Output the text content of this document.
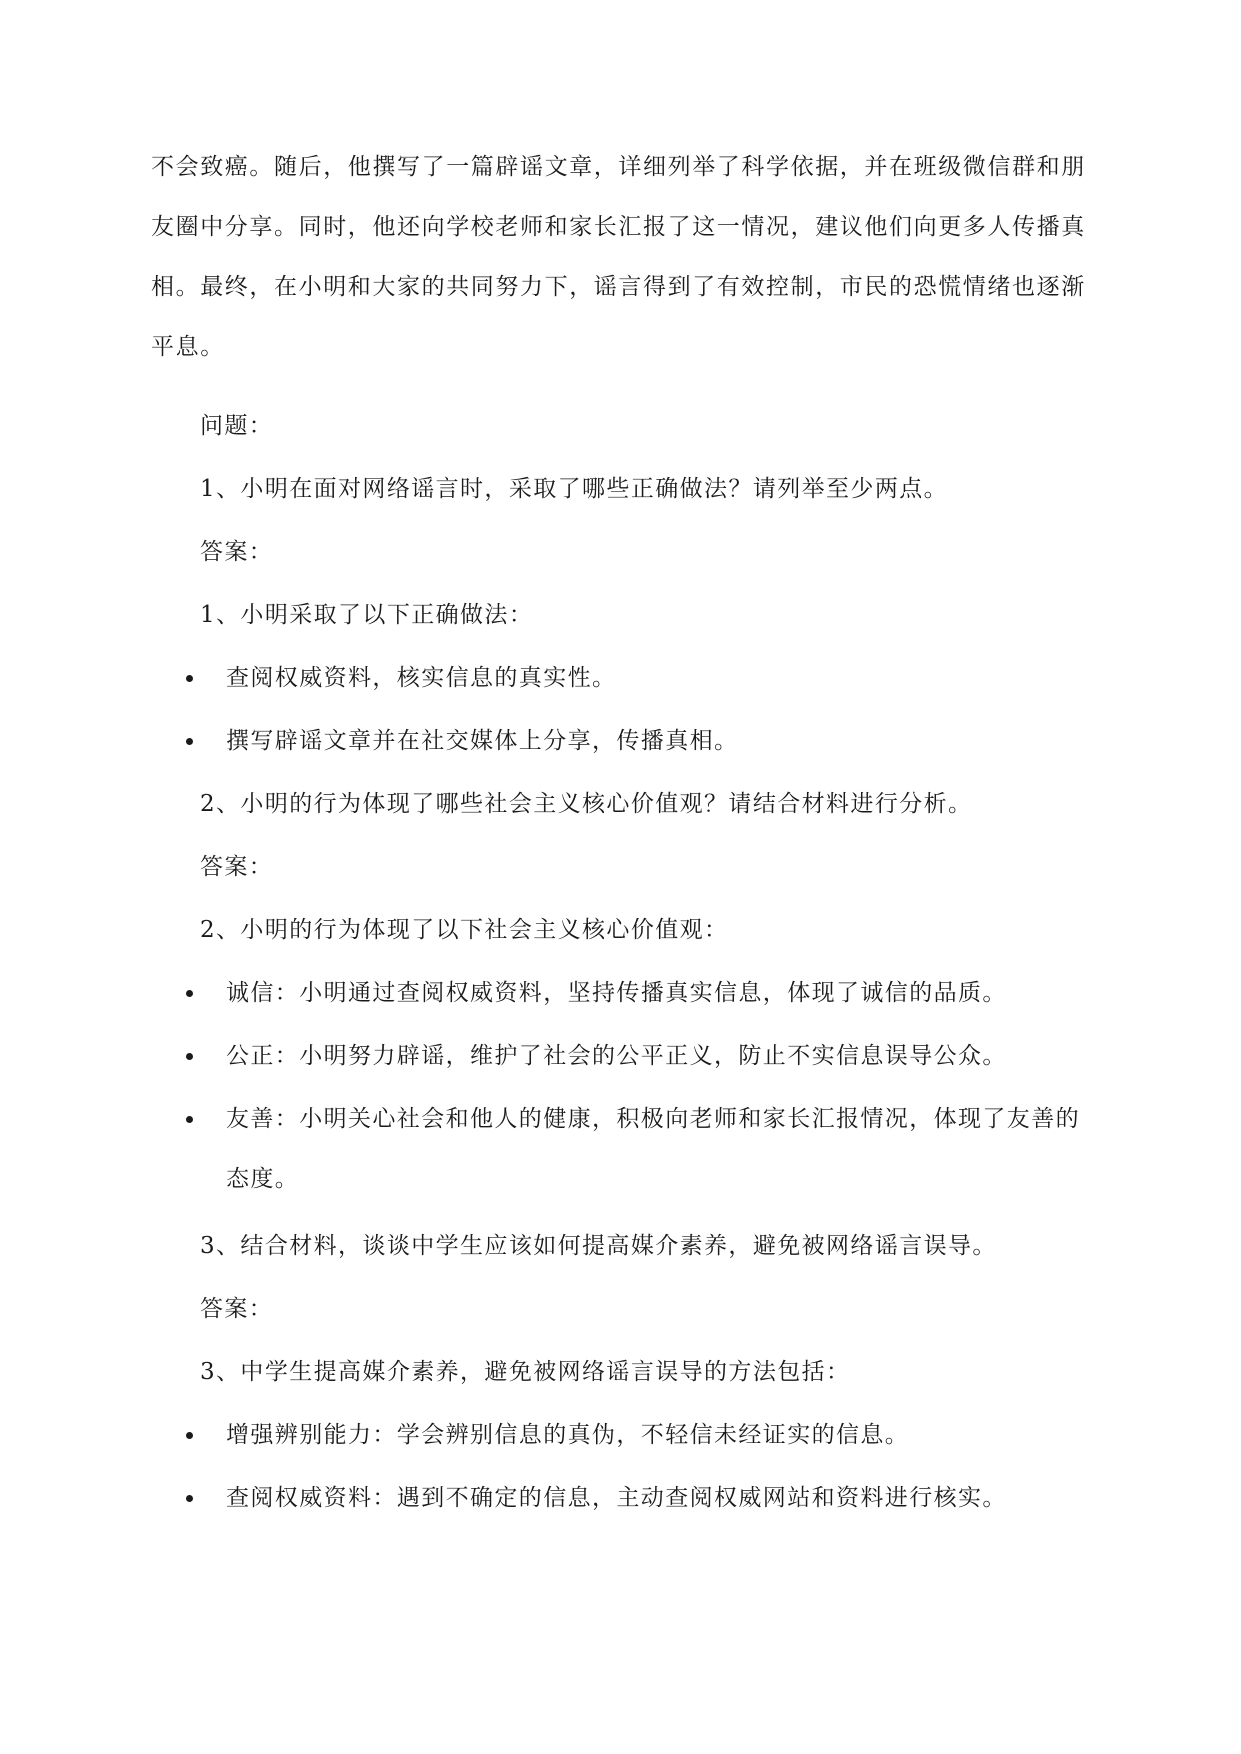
不会致癌。随后，他撰写了一篇辟谣文章，详细列举了科学依据，并在班级微信群和朋友圈中分享。同时，他还向学校老师和家长汇报了这一情况，建议他们向更多人传播真相。最终，在小明和大家的共同努力下，谣言得到了有效控制，市民的恐慌情绪也逐渐平息。

问题：

1、小明在面对网络谣言时，采取了哪些正确做法？请列举至少两点。

答案：

1、小明采取了以下正确做法：

查阅权威资料，核实信息的真实性。

撰写辟谣文章并在社交媒体上分享，传播真相。

2、小明的行为体现了哪些社会主义核心价值观？请结合材料进行分析。

答案：

2、小明的行为体现了以下社会主义核心价值观：

诚信：小明通过查阅权威资料，坚持传播真实信息，体现了诚信的品质。

公正：小明努力辟谣，维护了社会的公平正义，防止不实信息误导公众。

友善：小明关心社会和他人的健康，积极向老师和家长汇报情况，体现了友善的态度。

3、结合材料，谈谈中学生应该如何提高媒介素养，避免被网络谣言误导。

答案：

3、中学生提高媒介素养，避免被网络谣言误导的方法包括：

增强辨别能力：学会辨别信息的真伪，不轻信未经证实的信息。

查阅权威资料：遇到不确定的信息，主动查阅权威网站和资料进行核实。
